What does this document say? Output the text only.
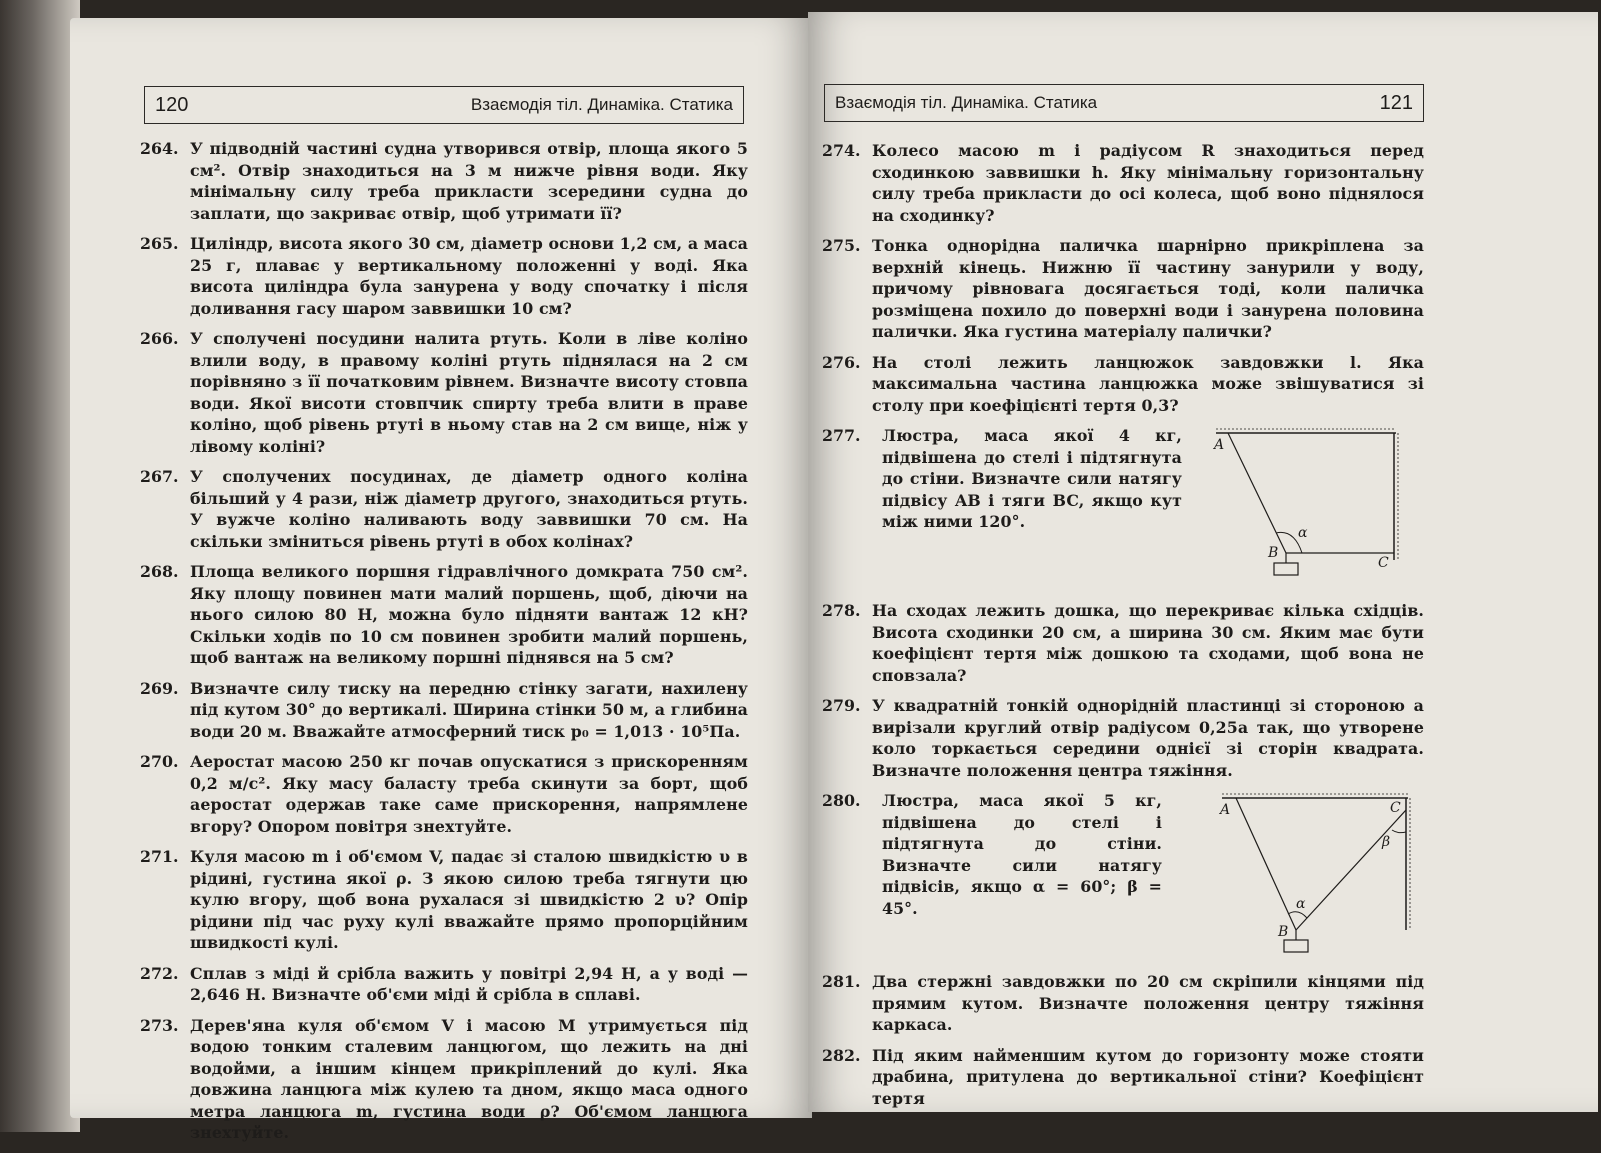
120	Взаємодія тіл. Динаміка. Статика
264. У підводній частині судна утворився отвір, площа якого 5 см². Отвір знаходиться на 3 м нижче рівня води. Яку мінімальну силу треба прикласти зсередини судна до заплати, що закриває отвір, щоб утримати її?
265. Циліндр, висота якого 30 см, діаметр основи 1,2 см, а маса 25 г, плаває у вертикальному положенні у воді. Яка висота циліндра була занурена у воду спочатку і після доливання гасу шаром заввишки 10 см?
266. У сполучені посудини налита ртуть. Коли в ліве коліно влили воду, в правому коліні ртуть піднялася на 2 см порівняно з її початковим рівнем. Визначте висоту стовпа води. Якої висоти стовпчик спирту треба влити в праве коліно, щоб рівень ртуті в ньому став на 2 см вище, ніж у лівому коліні?
267. У сполучених посудинах, де діаметр одного коліна більший у 4 рази, ніж діаметр другого, знаходиться ртуть. У вужче коліно наливають воду заввишки 70 см. На скільки зміниться рівень ртуті в обох колінах?
268. Площа великого поршня гідравлічного домкрата 750 см². Яку площу повинен мати малий поршень, щоб, діючи на нього силою 80 Н, можна було підняти вантаж 12 кН? Скільки ходів по 10 см повинен зробити малий поршень, щоб вантаж на великому поршні піднявся на 5 см?
269. Визначте силу тиску на передню стінку загати, нахилену під кутом 30° до вертикалі. Ширина стінки 50 м, а глибина води 20 м. Вважайте атмосферний тиск p₀ = 1,013 · 10⁵Па.
270. Аеростат масою 250 кг почав опускатися з прискоренням 0,2 м/с². Яку масу баласту треба скинути за борт, щоб аеростат одержав таке саме прискорення, напрямлене вгору? Опором повітря знехтуйте.
271. Куля масою m і об'ємом V, падає зі сталою швидкістю υ в рідині, густина якої ρ. З якою силою треба тягнути цю кулю вгору, щоб вона рухалася зі швидкістю 2 υ? Опір рідини під час руху кулі вважайте прямо пропорційним швидкості кулі.
272. Сплав з міді й срібла важить у повітрі 2,94 Н, а у воді — 2,646 Н. Визначте об'єми міді й срібла в сплаві.
273. Дерев'яна куля об'ємом V і масою M утримується під водою тонким сталевим ланцюгом, що лежить на дні водойми, а іншим кінцем прикріплений до кулі. Яка довжина ланцюга між кулею та дном, якщо маса одного метра ланцюга m, густина води ρ? Об'ємом ланцюга знехтуйте.
Взаємодія тіл. Динаміка. Статика	121
274. Колесо масою m і радіусом R знаходиться перед сходинкою заввишки h. Яку мінімальну горизонтальну силу треба прикласти до осі колеса, щоб воно піднялося на сходинку?
275. Тонка однорідна паличка шарнірно прикріплена за верхній кінець. Нижню її частину занурили у воду, причому рівновага досягається тоді, коли паличка розміщена похило до поверхні води і занурена половина палички. Яка густина матеріалу палички?
276. На столі лежить ланцюжок завдовжки l. Яка максимальна частина ланцюжка може звішуватися зі столу при коефіцієнті тертя 0,3?
277.	Люстра, маса якої 4 кг, підвішена до стелі і підтягнута до стіни. Визначте сили натягу підвісу AB і тяги BC, якщо кут між ними 120°.
A
B
C
α
278. На сходах лежить дошка, що перекриває кілька східців. Висота сходинки 20 см, а ширина 30 см. Яким має бути коефіцієнт тертя між дошкою та сходами, щоб вона не сповзала?
279. У квадратній тонкій однорідній пластинці зі стороною a вирізали круглий отвір радіусом 0,25a так, що утворене коло торкається середини однієї зі сторін квадрата. Визначте положення центра тяжіння.
280.	Люстра, маса якої 5 кг, підвішена до стелі і підтягнута до стіни. Визначте сили натягу підвісів, якщо α = 60°; β = 45°.
A
B
C
α
β
281. Два стержні завдовжки по 20 см скріпили кінцями під прямим кутом. Визначте положення центру тяжіння каркаса.
282. Під яким найменшим кутом до горизонту може стояти драбина, притулена до вертикальної стіни? Коефіцієнт тертя
